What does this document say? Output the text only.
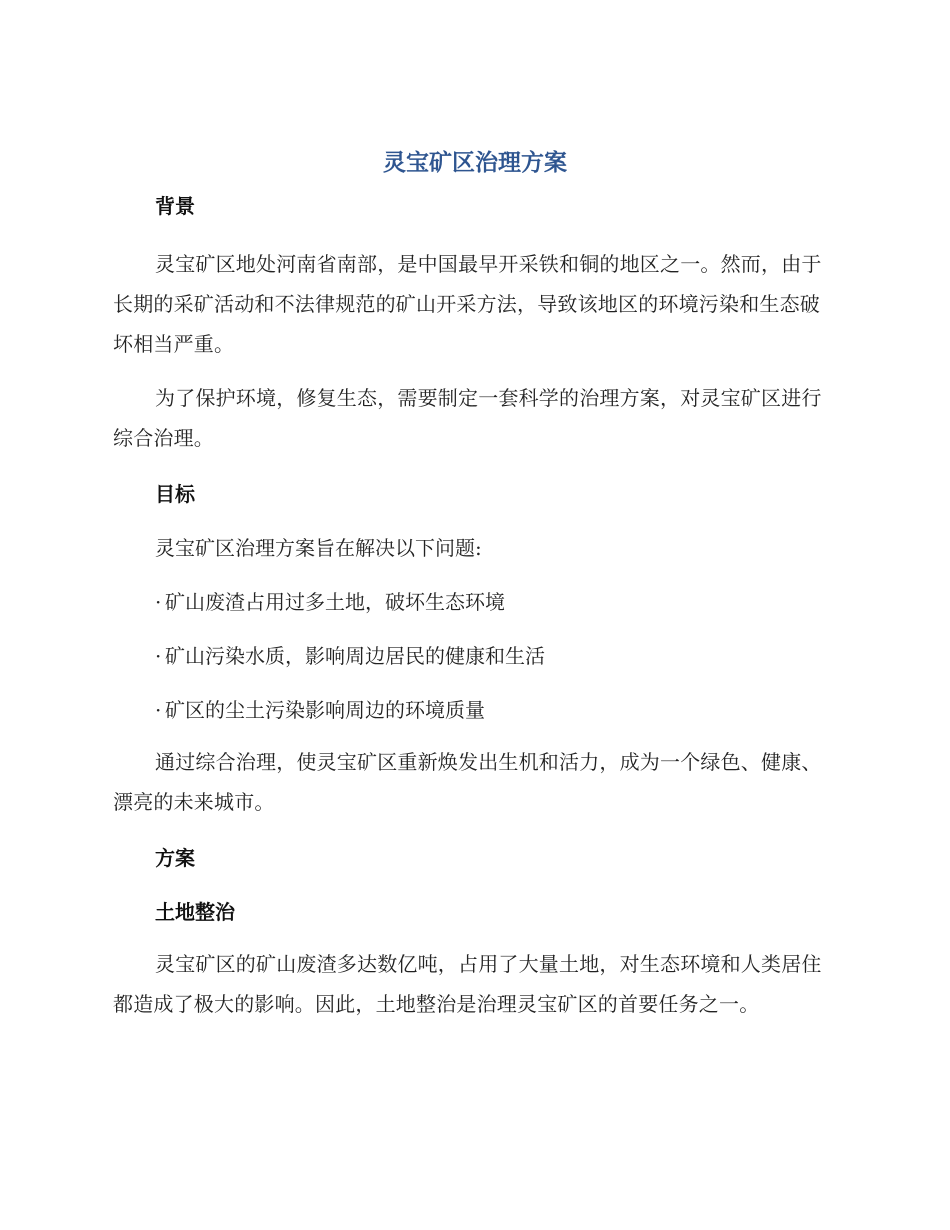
灵宝矿区治理方案
背景

灵宝矿区地处河南省南部，是中国最早开采铁和铜的地区之一。然而，由于长期的采矿活动和不法律规范的矿山开采方法，导致该地区的环境污染和生态破坏相当严重。

为了保护环境，修复生态，需要制定一套科学的治理方案，对灵宝矿区进行综合治理。

目标
灵宝矿区治理方案旨在解决以下问题:
· 矿山废渣占用过多土地，破坏生态环境
· 矿山污染水质，影响周边居民的健康和生活
· 矿区的尘土污染影响周边的环境质量

通过综合治理，使灵宝矿区重新焕发出生机和活力，成为一个绿色、健康、漂亮的未来城市。

方案
土地整治

灵宝矿区的矿山废渣多达数亿吨，占用了大量土地，对生态环境和人类居住都造成了极大的影响。因此，土地整治是治理灵宝矿区的首要任务之一。
